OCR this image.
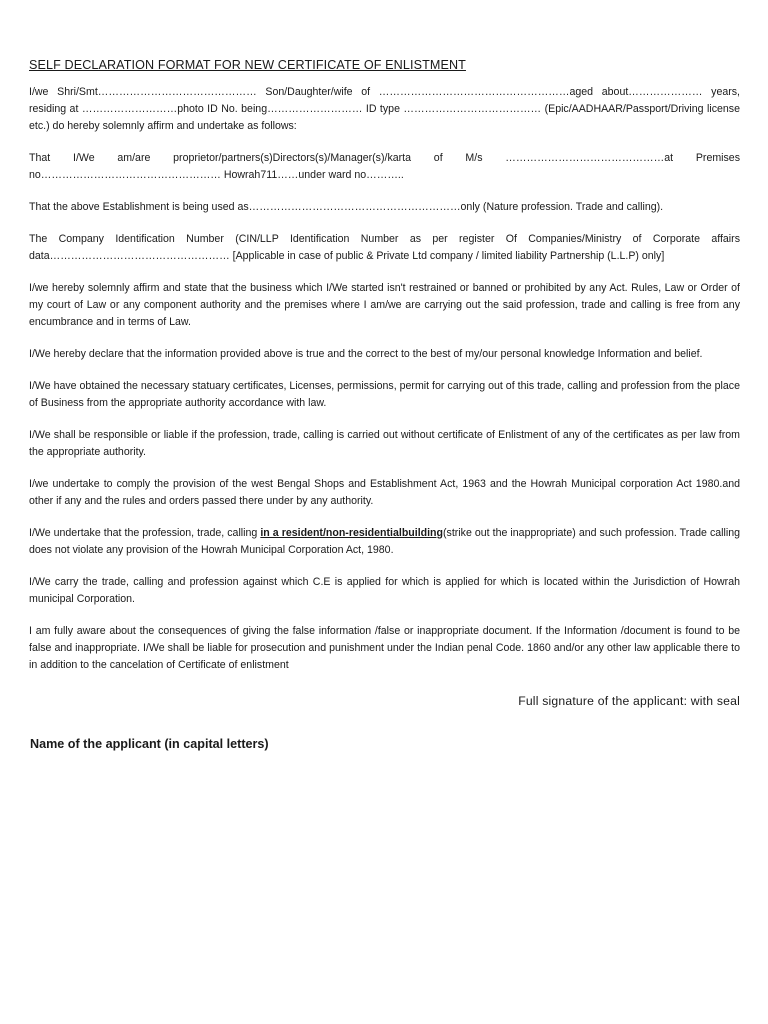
SELF DECLARATION FORMAT FOR NEW CERTIFICATE OF ENLISTMENT

I/we Shri/Smt……………………………………… Son/Daughter/wife of ………………………………………………aged about………………… years, residing at ………………………photo ID No. being……………………… ID type ………………………………… (Epic/AADHAAR/Passport/Driving license etc.) do hereby solemnly affirm and undertake as follows:

That I/We am/are proprietor/partners(s)Directors(s)/Manager(s)/karta of M/s ………………………………………at Premises no…………………………………………… Howrah711……under ward no………..

That the above Establishment is being used as……………………………………………………only (Nature profession. Trade and calling).

The Company Identification Number (CIN/LLP Identification Number as per register Of Companies/Ministry of Corporate affairs data…………………………………………… [Applicable in case of public & Private Ltd company / limited liability Partnership (L.L.P) only]

I/we hereby solemnly affirm and state that the business which I/We started isn't restrained or banned or prohibited by any Act. Rules, Law or Order of my court of Law or any component authority and the premises where I am/we are carrying out the said profession, trade and calling is free from any encumbrance and in terms of Law.

I/We hereby declare that the information provided above is true and the correct to the best of my/our personal knowledge Information and belief.

I/We have obtained the necessary statuary certificates, Licenses, permissions, permit for carrying out of this trade, calling and profession from the place of Business from the appropriate authority accordance with law.

I/We shall be responsible or liable if the profession, trade, calling is carried out without certificate of Enlistment of any of the certificates as per law from the appropriate authority.

I/we undertake to comply the provision of the west Bengal Shops and Establishment Act, 1963 and the Howrah Municipal corporation Act 1980.and other if any and the rules and orders passed there under by any authority.

I/We undertake that the profession, trade, calling in a resident/non-residentialbuilding(strike out the inappropriate) and such profession. Trade calling does not violate any provision of the Howrah Municipal Corporation Act, 1980.

I/We carry the trade, calling and profession against which C.E is applied for which is applied for which is located within the Jurisdiction of Howrah municipal Corporation.

I am fully aware about the consequences of giving the false information /false or inappropriate document. If the Information /document is found to be false and inappropriate. I/We shall be liable for prosecution and punishment under the Indian penal Code. 1860 and/or any other law applicable there to in addition to the cancelation of Certificate of enlistment

Full signature of the applicant: with seal
Name of the applicant (in capital letters)
